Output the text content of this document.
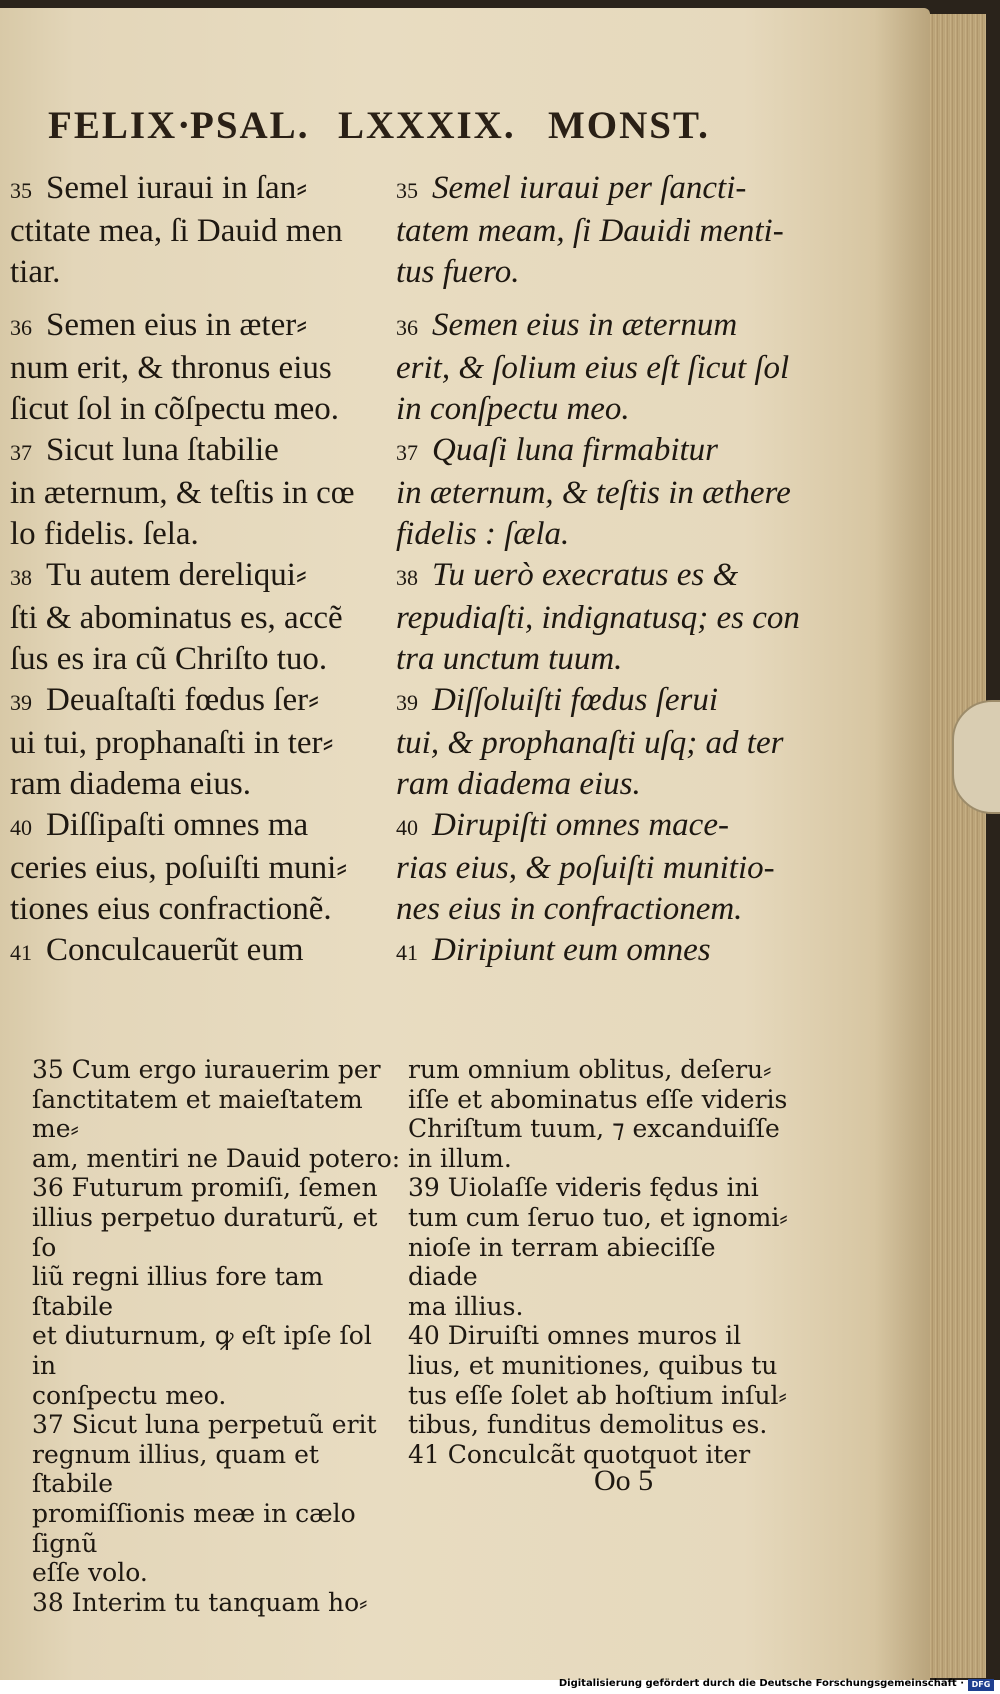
FELIX·
PSAL. LXXXIX. MONST.

35 Semel iuraui in ſan⸗

ctitate mea, ſi Dauid men

tiar.

36 Semen eius in æter⸗

num erit, & thronus eius

ſicut ſol in cõſpectu meo.

37 Sicut luna ſtabilie

in æternum, & teſtis in cœ

lo fidelis. ſela.

38 Tu autem dereliqui⸗

ſti & abominatus es, accẽ

ſus es ira cũ Chriſto tuo.

39 Deuaſtaſti fœdus ſer⸗

ui tui, prophanaſti in ter⸗

ram diadema eius.

40 Diſſipaſti omnes ma

ceries eius, poſuiſti muni⸗

tiones eius confractionẽ.

41 Conculcauerũt eum

35 Semel iuraui per ſancti-

tatem meam, ſi Dauidi menti-

tus fuero.

36 Semen eius in æternum

erit, & ſolium eius eſt ſicut ſol

in conſpectu meo.

37 Quaſi luna firmabitur

in æternum, & teſtis in æthere

fidelis : ſæla.

38 Tu uerò execratus es &

repudiaſti, indignatusq; es con

tra unctum tuum.

39 Diſſoluiſti fœdus ſerui

tui, & prophanaſti uſq; ad ter

ram diadema eius.

40 Dirupiſti omnes mace-

rias eius, & poſuiſti munitio-

nes eius in confractionem.

41 Diripiunt eum omnes

35 Cum ergo iurauerim per

ſanctitatem et maieſtatem me⸗

am, mentiri ne Dauid potero:

36 Futurum promiſi, ſemen

illius perpetuo duraturũ, et ſo

liũ regni illius fore tam ſtabile

et diuturnum, ꝙ eſt ipſe ſol in

conſpectu meo.

37 Sicut luna perpetuũ erit

regnum illius, quam et ſtabile

promiſſionis meæ in cælo ſignũ

eſſe volo.

38 Interim tu tanquam ho⸗

rum omnium oblitus, deſeru⸗

iſſe et abominatus eſſe videris

Chriſtum tuum, ⁊ excanduiſſe

in illum.

39 Uiolaſſe videris fędus ini

tum cum ſeruo tuo, et ignomi⸗

nioſe in terram abieciſſe diade

ma illius.

40 Diruiſti omnes muros il

lius, et munitiones, quibus tu

tus eſſe ſolet ab hoſtium inſul⸗

tibus, funditus demolitus es.

41 Conculcãt quotquot iter

Oo 5
Digitalisierung gefördert durch die Deutsche Forschungsgemeinschaft · DFG
